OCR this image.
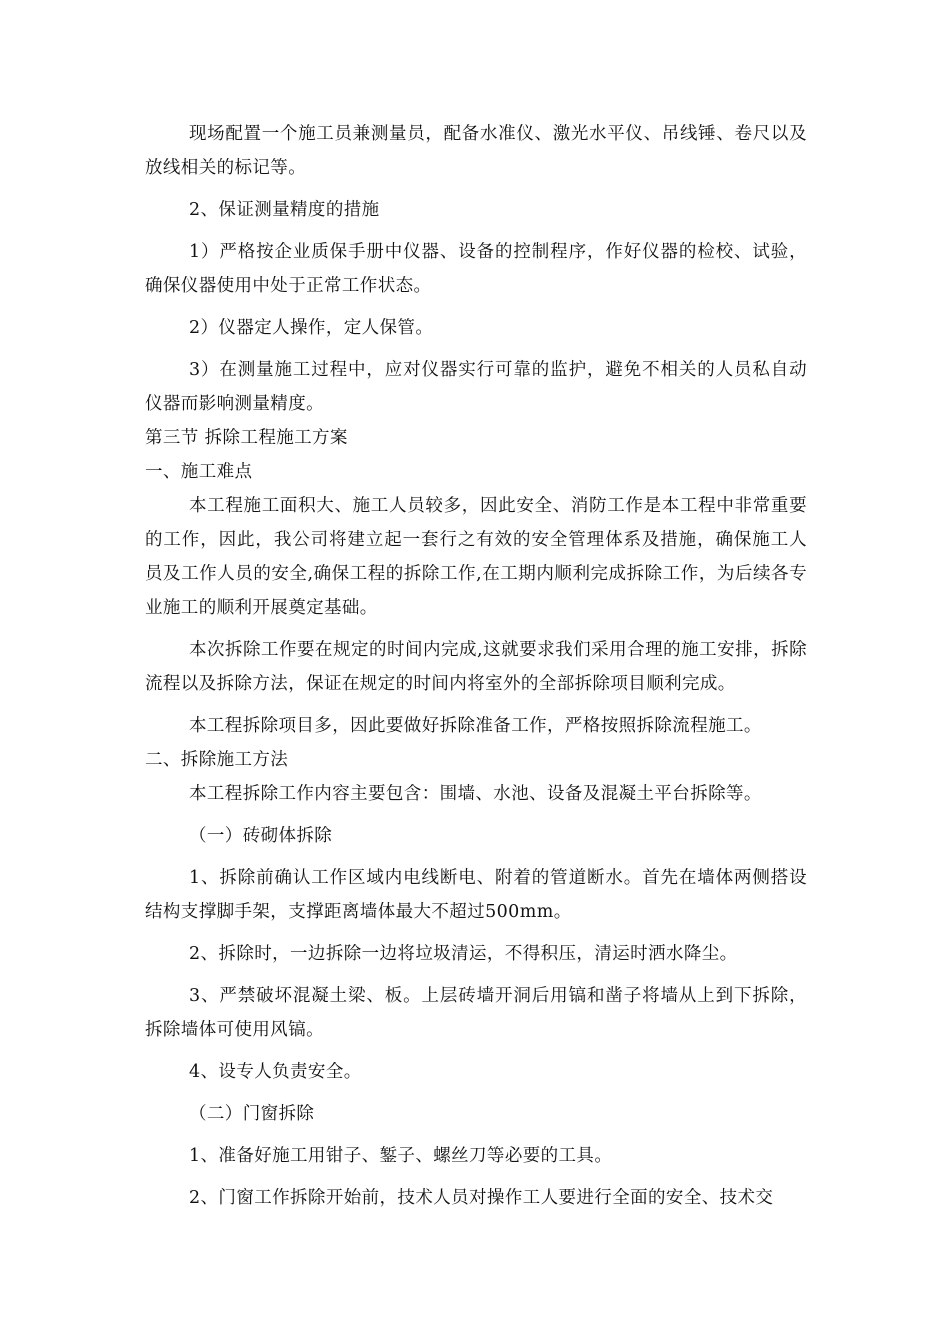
现场配置一个施工员兼测量员，配备水准仪、激光水平仪、吊线锤、卷尺以及放线相关的标记等。

2、保证测量精度的措施

1）严格按企业质保手册中仪器、设备的控制程序，作好仪器的检校、试验，确保仪器使用中处于正常工作状态。

2）仪器定人操作，定人保管。

3）在测量施工过程中，应对仪器实行可靠的监护，避免不相关的人员私自动仪器而影响测量精度。

第三节 拆除工程施工方案

一、施工难点

本工程施工面积大、施工人员较多，因此安全、消防工作是本工程中非常重要的工作，因此，我公司将建立起一套行之有效的安全管理体系及措施，确保施工人员及工作人员的安全,确保工程的拆除工作,在工期内顺利完成拆除工作，为后续各专业施工的顺利开展奠定基础。

本次拆除工作要在规定的时间内完成,这就要求我们采用合理的施工安排，拆除流程以及拆除方法，保证在规定的时间内将室外的全部拆除项目顺利完成。

本工程拆除项目多，因此要做好拆除准备工作，严格按照拆除流程施工。

二、拆除施工方法

本工程拆除工作内容主要包含：围墙、水池、设备及混凝土平台拆除等。

（一）砖砌体拆除

1、拆除前确认工作区域内电线断电、附着的管道断水。首先在墙体两侧搭设结构支撑脚手架，支撑距离墙体最大不超过500mm。

2、拆除时，一边拆除一边将垃圾清运，不得积压，清运时洒水降尘。

3、严禁破坏混凝土梁、板。上层砖墙开洞后用镐和凿子将墙从上到下拆除，拆除墙体可使用风镐。

4、设专人负责安全。

（二）门窗拆除

1、准备好施工用钳子、錾子、螺丝刀等必要的工具。

2、门窗工作拆除开始前，技术人员对操作工人要进行全面的安全、技术交
